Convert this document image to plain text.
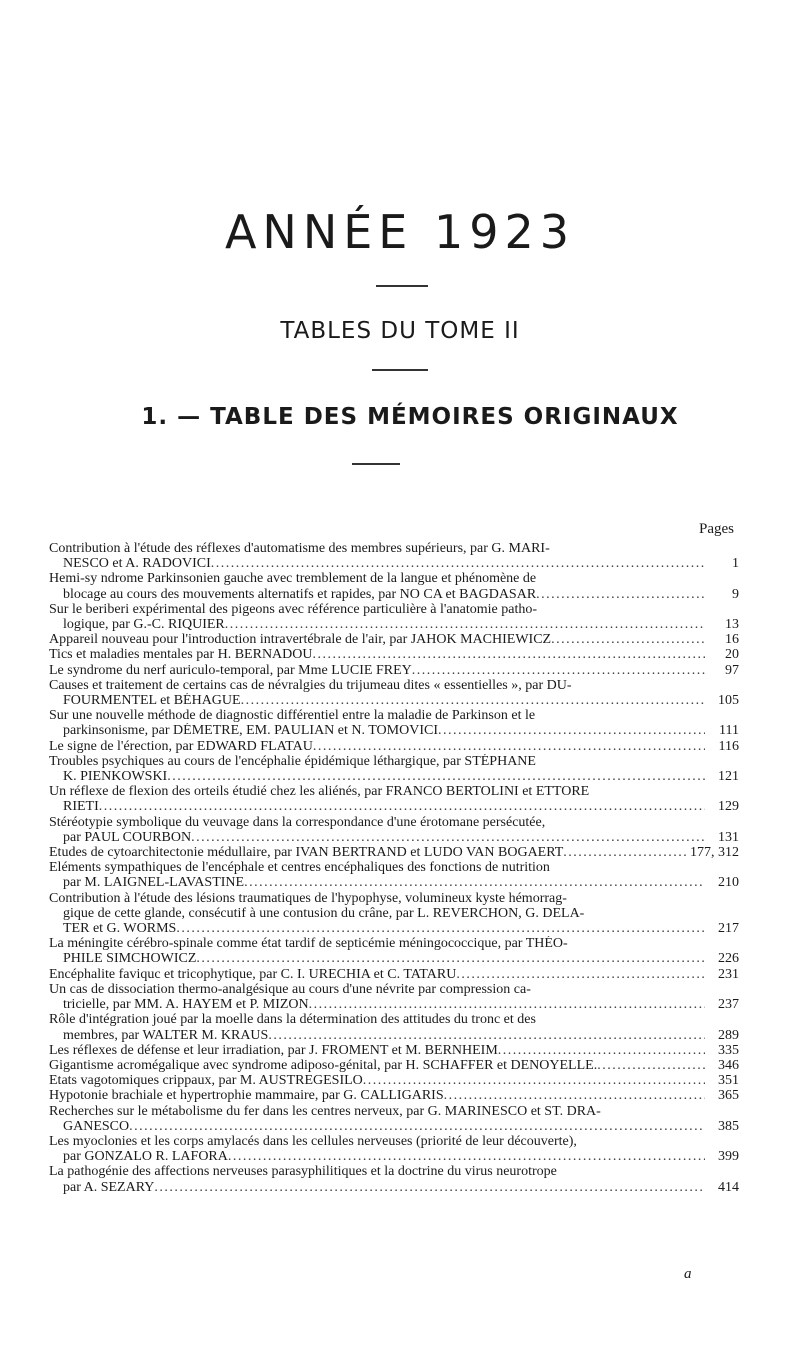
ANNÉE 1923
TABLES DU TOME II
1. — TABLE DES MÉMOIRES ORIGINAUX
Pages
Contribution à l'étude des réflexes d'automatisme des membres supérieurs, par G. MARI-
NESCO et A. RADOVICI . . .	1
Hemi-sy ndrome Parkinsonien gauche avec tremblement de la langue et phénomène de
blocage au cours des mouvements alternatifs et rapides, par NO CA et BAGDASAR . . .	9
Sur le beriberi expérimental des pigeons avec référence particulière à l'anatomie patho-
logique, par G.-C. RIQUIER . . .	13
Appareil nouveau pour l'introduction intravertébrale de l'air, par JAHOK MACHIEWICZ . . .	16
Tics et maladies mentales par H. BERNADOU . . .	20
Le syndrome du nerf auriculo-temporal, par Mme LUCIE FREY . . .	97
Causes et traitement de certains cas de névralgies du trijumeau dites « essentielles », par DU-
FOURMENTEL et BÉHAGUE . . .	105
Sur une nouvelle méthode de diagnostic différentiel entre la maladie de Parkinson et le
parkinsonisme, par DÉMETRE, EM. PAULIAN et N. TOMOVICI . . .	111
Le signe de l'érection, par EDWARD FLATAU . . .	116
Troubles psychiques au cours de l'encéphalie épidémique léthargique, par STÉPHANE
K. PIENKOWSKI . . .	121
Un réflexe de flexion des orteils étudié chez les aliénés, par FRANCO BERTOLINI et ETTORE
RIETI . . .	129
Stéréotypie symbolique du veuvage dans la correspondance d'une érotomane persécutée,
par PAUL COURBON . . .	131
Etudes de cytoarchitectonie médullaire, par IVAN BERTRAND et LUDO VAN BOGAERT . . .	177, 312
Eléments sympathiques de l'encéphale et centres encéphaliques des fonctions de nutrition
par M. LAIGNEL-LAVASTINE . . .	210
Contribution à l'étude des lésions traumatiques de l'hypophyse, volumineux kyste hémorrag-
gique de cette glande, consécutif à une contusion du crâne, par L. REVERCHON, G. DELA-
TER et G. WORMS . . .	217
La méningite cérébro-spinale comme état tardif de septicémie méningococcique, par THÉO-
PHILE SIMCHOWICZ . . .	226
Encéphalite faviquc et tricophytique, par C. I. URECHIA et C. TATARU . . .	231
Un cas de dissociation thermo-analgésique au cours d'une névrite par compression ca-
tricielle, par MM. A. HAYEM et P. MIZON . . .	237
Rôle d'intégration joué par la moelle dans la détermination des attitudes du tronc et des
membres, par WALTER M. KRAUS . . .	289
Les réflexes de défense et leur irradiation, par J. FROMENT et M. BERNHEIM . . .	335
Gigantisme acromégalique avec syndrome adiposo-génital, par H. SCHAFFER et DENOYELLE. . . .	346
Etats vagotomiques crippaux, par M. AUSTREGESILO . . .	351
Hypotonie brachiale et hypertrophie mammaire, par G. CALLIGARIS . . .	365
Recherches sur le métabolisme du fer dans les centres nerveux, par G. MARINESCO et ST. DRA-
GANESCO . . .	385
Les myoclonies et les corps amylacés dans les cellules nerveuses (priorité de leur découverte),
par GONZALO R. LAFORA . . .	399
La pathogénie des affections nerveuses parasyphilitiques et la doctrine du virus neurotrope
par A. SEZARY . . .	414
a
